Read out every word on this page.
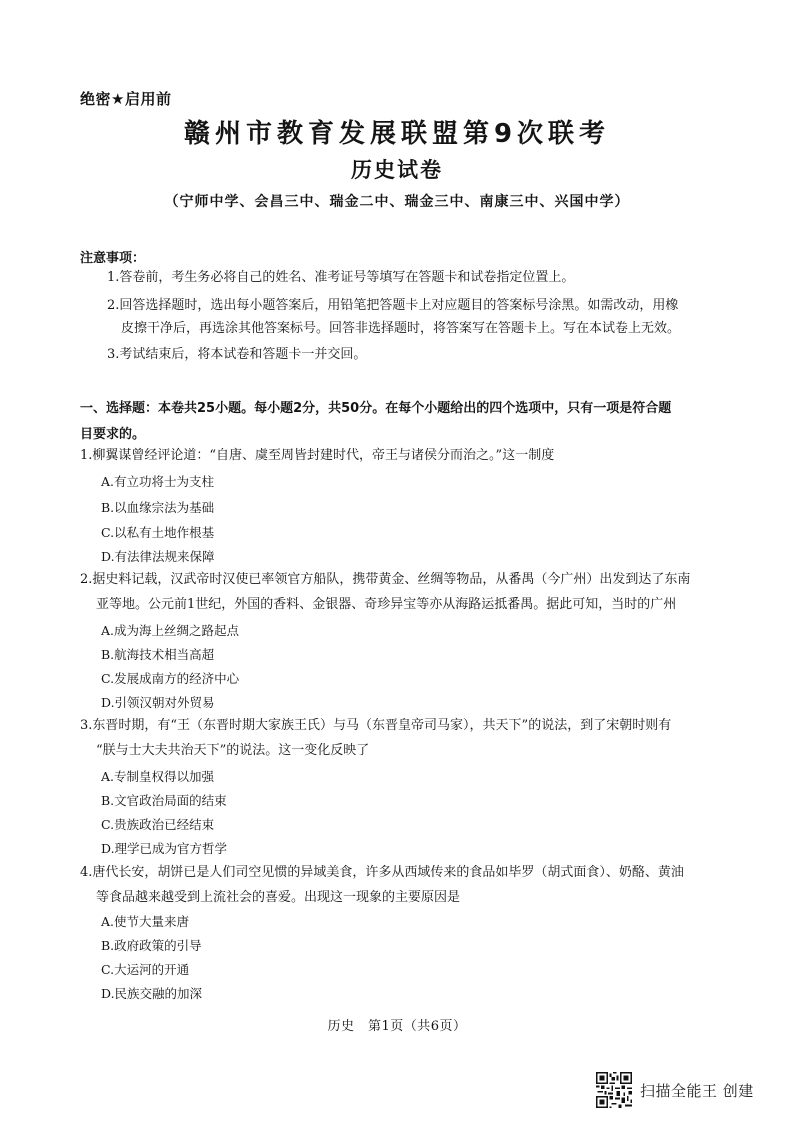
绝密★启用前
赣州市教育发展联盟第9次联考
历史试卷
（宁师中学、会昌三中、瑞金二中、瑞金三中、南康三中、兴国中学）
注意事项：
1.答卷前，考生务必将自己的姓名、准考证号等填写在答题卡和试卷指定位置上。
2.回答选择题时，选出每小题答案后，用铅笔把答题卡上对应题目的答案标号涂黑。如需改动，用橡
皮擦干净后，再选涂其他答案标号。回答非选择题时，将答案写在答题卡上。写在本试卷上无效。
3.考试结束后，将本试卷和答题卡一并交回。
一、选择题：本卷共25小题。每小题2分，共50分。在每个小题给出的四个选项中，只有一项是符合题
目要求的。
1.柳翼谋曾经评论道：“自唐、虞至周皆封建时代，帝王与诸侯分而治之。”这一制度
A.有立功将士为支柱
B.以血缘宗法为基础
C.以私有土地作根基
D.有法律法规来保障
2.据史料记载，汉武帝时汉使已率领官方船队，携带黄金、丝绸等物品，从番禺（今广州）出发到达了东南
亚等地。公元前1世纪，外国的香料、金银器、奇珍异宝等亦从海路运抵番禺。据此可知，当时的广州
A.成为海上丝绸之路起点
B.航海技术相当高超
C.发展成南方的经济中心
D.引领汉朝对外贸易
3.东晋时期，有“王（东晋时期大家族王氏）与马（东晋皇帝司马家），共天下”的说法，到了宋朝时则有
“朕与士大夫共治天下”的说法。这一变化反映了
A.专制皇权得以加强
B.文官政治局面的结束
C.贵族政治已经结束
D.理学已成为官方哲学
4.唐代长安，胡饼已是人们司空见惯的异域美食，许多从西域传来的食品如毕罗（胡式面食）、奶酪、黄油
等食品越来越受到上流社会的喜爱。出现这一现象的主要原因是
A.使节大量来唐
B.政府政策的引导
C.大运河的开通
D.民族交融的加深
历史　第1页（共6页）
扫描全能王 创建
